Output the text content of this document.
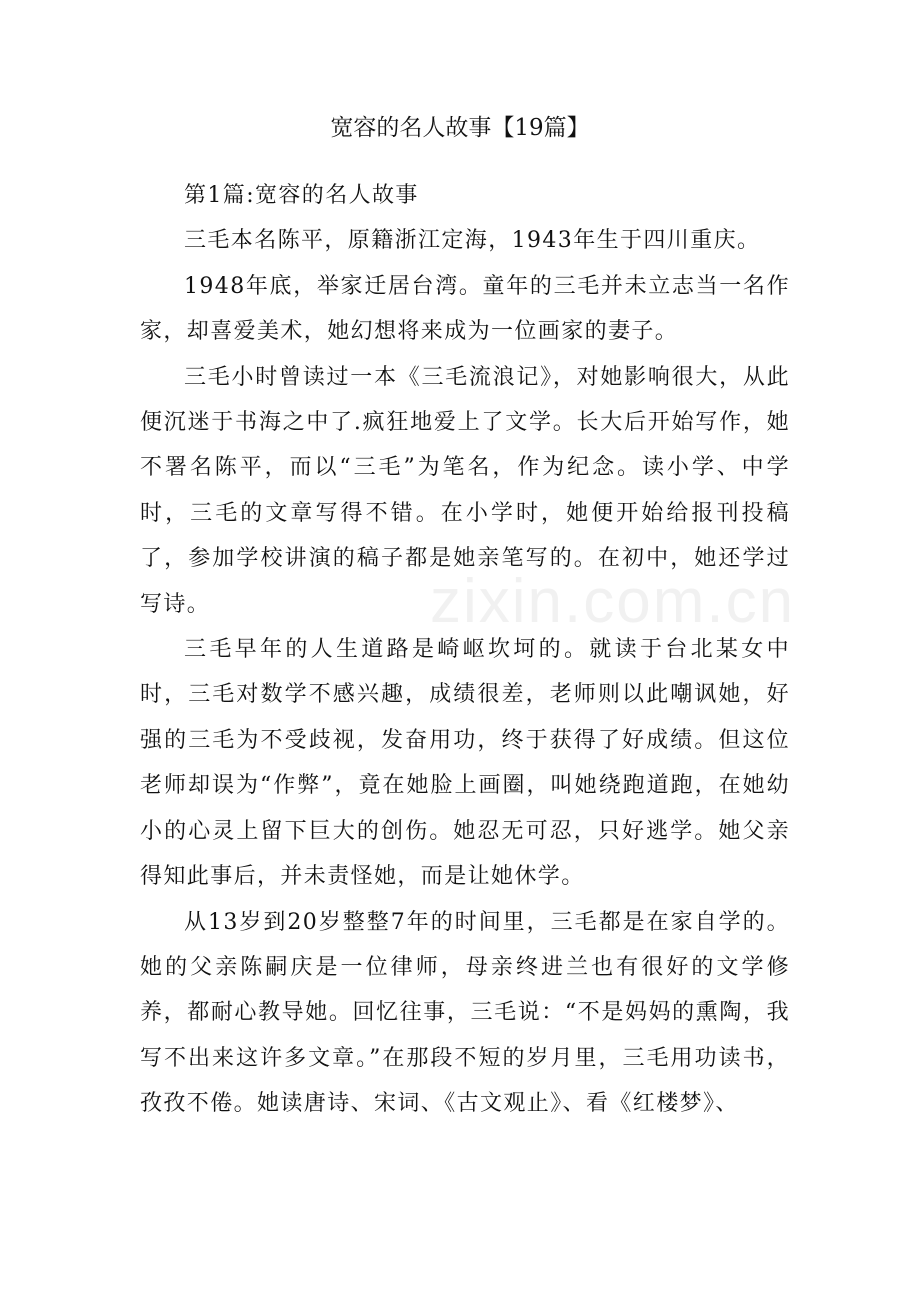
zixin.com.cn
宽容的名人故事【19篇】

第1篇:宽容的名人故事

三毛本名陈平，原籍浙江定海，1943年生于四川重庆。

1948年底，举家迁居台湾。童年的三毛并未立志当一名作家，却喜爱美术，她幻想将来成为一位画家的妻子。

三毛小时曾读过一本《三毛流浪记》，对她影响很大，从此便沉迷于书海之中了.疯狂地爱上了文学。长大后开始写作，她不署名陈平，而以“三毛”为笔名，作为纪念。读小学、中学时，三毛的文章写得不错。在小学时，她便开始给报刊投稿了，参加学校讲演的稿子都是她亲笔写的。在初中，她还学过写诗。

三毛早年的人生道路是崎岖坎坷的。就读于台北某女中时，三毛对数学不感兴趣，成绩很差，老师则以此嘲讽她，好强的三毛为不受歧视，发奋用功，终于获得了好成绩。但这位老师却误为“作弊”，竟在她脸上画圈，叫她绕跑道跑，在她幼小的心灵上留下巨大的创伤。她忍无可忍，只好逃学。她父亲得知此事后，并未责怪她，而是让她休学。

从13岁到20岁整整7年的时间里，三毛都是在家自学的。她的父亲陈嗣庆是一位律师，母亲终进兰也有很好的文学修养，都耐心教导她。回忆往事，三毛说：“不是妈妈的熏陶，我写不出来这许多文章。”在那段不短的岁月里，三毛用功读书，孜孜不倦。她读唐诗、宋词、《古文观止》、看《红楼梦》、
